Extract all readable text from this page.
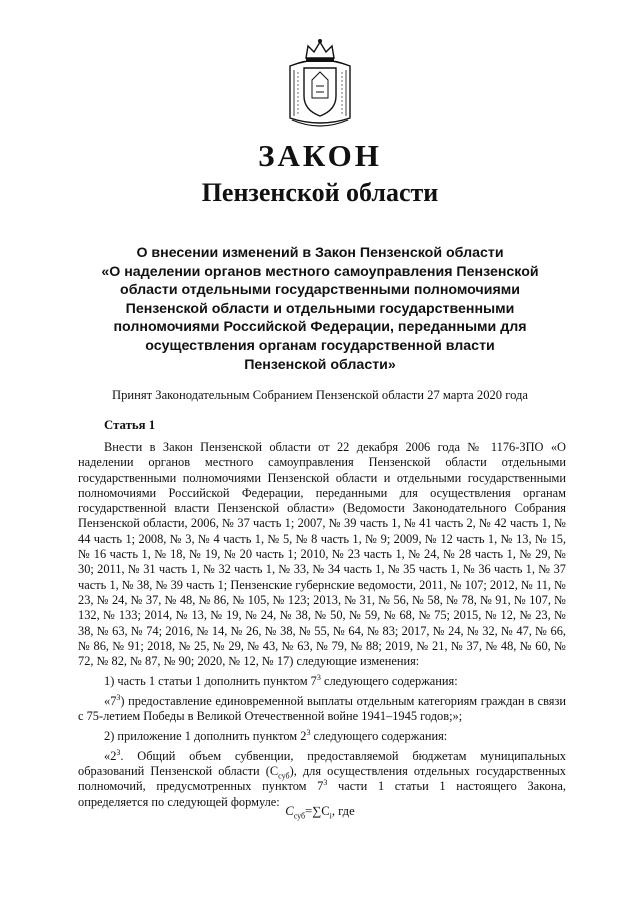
ЗАКОН
Пензенской области
О внесении изменений в Закон Пензенской области
«О наделении органов местного самоуправления Пензенской
области отдельными государственными полномочиями
Пензенской области и отдельными государственными
полномочиями Российской Федерации, переданными для
осуществления органам государственной власти
Пензенской области»
Принят Законодательным Собранием Пензенской области 27 марта 2020 года
Статья 1

Внести в Закон Пензенской области от 22 декабря 2006 года № 1176-ЗПО «О наделении органов местного самоуправления Пензенской области отдельными государственными полномочиями Пензенской области и отдельными государственными полномочиями Российской Федерации, переданными для осуществления органам государственной власти Пензенской области» (Ведомости Законодательного Собрания Пензенской области, 2006, № 37 часть 1; 2007, № 39 часть 1, № 41 часть 2, № 42 часть 1, № 44 часть 1; 2008, № 3, № 4 часть 1, № 5, № 8 часть 1, № 9; 2009, № 12 часть 1, № 13, № 15, № 16 часть 1, № 18, № 19, № 20 часть 1; 2010, № 23 часть 1, № 24, № 28 часть 1, № 29, № 30; 2011, № 31 часть 1, № 32 часть 1, № 33, № 34 часть 1, № 35 часть 1, № 36 часть 1, № 37 часть 1, № 38, № 39 часть 1; Пензенские губернские ведомости, 2011, № 107; 2012, № 11, № 23, № 24, № 37, № 48, № 86, № 105, № 123; 2013, № 31, № 56, № 58, № 78, № 91, № 107, № 132, № 133; 2014, № 13, № 19, № 24, № 38, № 50, № 59, № 68, № 75; 2015, № 12, № 23, № 38, № 63, № 74; 2016, № 14, № 26, № 38, № 55, № 64, № 83; 2017, № 24, № 32, № 47, № 66, № 86, № 91; 2018, № 25, № 29, № 43, № 63, № 79, № 88; 2019, № 21, № 37, № 48, № 60, № 72, № 82, № 87, № 90; 2020, № 12, № 17) следующие изменения:

1) часть 1 статьи 1 дополнить пунктом $7^3$ следующего содержания:

«$7^3$) предоставление единовременной выплаты отдельным категориям граждан в связи с 75-летием Победы в Великой Отечественной войне 1941–1945 годов;»;

2) приложение 1 дополнить пунктом $2^3$ следующего содержания:

«$2^3$. Общий объем субвенции, предоставляемой бюджетам муниципальных образований Пензенской области $(C_{суб})$, для осуществления отдельных государственных полномочий, предусмотренных пунктом $7^3$ части 1 статьи 1 настоящего Закона, определяется по следующей формуле:

$C_{суб}=\sum C_i$, где
